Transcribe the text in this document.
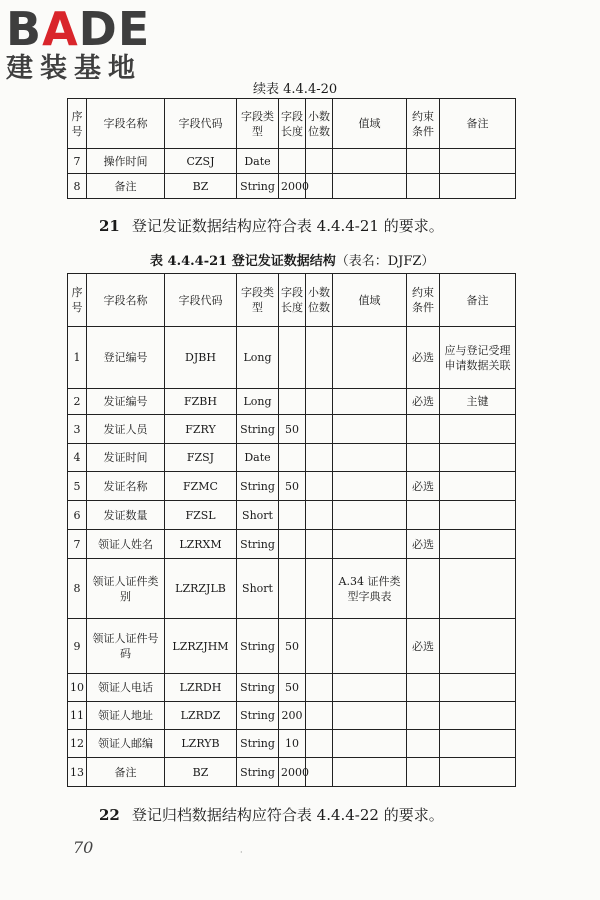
BADE
建装基地
续表 4.4.4-20
序号	字段名称	字段代码	字段类型	字段长度	小数位数	值域	约束条件	备注
7	操作时间	CZSJ	Date					
8	备注	BZ	String	2000				
21 登记发证数据结构应符合表 4.4.4-21 的要求。
表 4.4.4-21 登记发证数据结构（表名：DJFZ）
序号	字段名称	字段代码	字段类型	字段长度	小数位数	值域	约束条件	备注
1	登记编号	DJBH	Long				必选	应与登记受理申请数据关联
2	发证编号	FZBH	Long				必选	主键
3	发证人员	FZRY	String	50				
4	发证时间	FZSJ	Date					
5	发证名称	FZMC	String	50			必选	
6	发证数量	FZSL	Short					
7	领证人姓名	LZRXM	String				必选	
8	领证人证件类别	LZRZJLB	Short			A.34 证件类型字典表		
9	领证人证件号码	LZRZJHM	String	50			必选	
10	领证人电话	LZRDH	String	50				
11	领证人地址	LZRDZ	String	200				
12	领证人邮编	LZRYB	String	10				
13	备注	BZ	String	2000				
22 登记归档数据结构应符合表 4.4.4-22 的要求。
70	·
